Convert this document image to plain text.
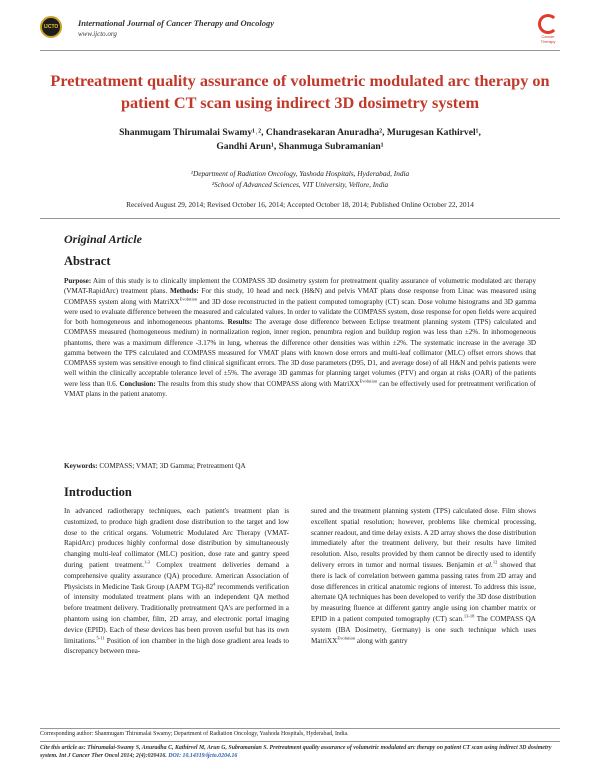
IJCTO International Journal of Cancer Therapy and Oncology
www.ijcto.org	Cancer Therapy
Pretreatment quality assurance of volumetric modulated arc therapy on patient CT scan using indirect 3D dosimetry system
Shanmugam Thirumalai Swamy¹˒², Chandrasekaran Anuradha², Murugesan Kathirvel¹,
Gandhi Arun¹, Shanmuga Subramanian¹
¹Department of Radiation Oncology, Yashoda Hospitals, Hyderabad, India
²School of Advanced Sciences, VIT University, Vellore, India
Received August 29, 2014; Revised October 16, 2014; Accepted October 18, 2014; Published Online October 22, 2014
Original Article
Abstract
Purpose: Aim of this study is to clinically implement the COMPASS 3D dosimetry system for pretreatment quality assurance of volumetric modulated arc therapy (VMAT-RapidArc) treatment plans. Methods: For this study, 10 head and neck (H&N) and pelvis VMAT plans dose response from Linac was measured using COMPASS system along with MatriXX$^{Evolution}$ and 3D dose reconstructed in the patient computed tomography (CT) scan. Dose volume histograms and 3D gamma were used to evaluate difference between the measured and calculated values. In order to validate the COMPASS system, dose response for open fields were acquired for both homogeneous and inhomogeneous phantoms. Results: The average dose difference between Eclipse treatment planning system (TPS) calculated and COMPASS measured (homogeneous medium) in normalization region, inner region, penumbra region and buildup region was less than ±2%. In inhomogeneous phantoms, there was a maximum difference -3.17% in lung, whereas the difference other densities was within ±2%. The systematic increase in the average 3D gamma between the TPS calculated and COMPASS measured for VMAT plans with known dose errors and multi-leaf collimator (MLC) offset errors shows that COMPASS system was sensitive enough to find clinical significant errors. The 3D dose parameters (D95, D1, and average dose) of all H&N and pelvis patients were well within the clinically acceptable tolerance level of ±5%. The average 3D gammas for planning target volumes (PTV) and organ at risks (OAR) of the patients were less than 0.6. Conclusion: The results from this study show that COMPASS along with MatriXX$^{Evolution}$ can be effectively used for pretreatment verification of VMAT plans in the patient anatomy.
Keywords: COMPASS; VMAT; 3D Gamma; Pretreatment QA
Introduction
In advanced radiotherapy techniques, each patient's treatment plan is customized, to produce high gradient dose distribution to the target and low dose to the critical organs. Volumetric Modulated Arc Therapy (VMAT- RapidArc) produces highly conformal dose distribution by simultaneously changing multi-leaf collimator (MLC) position, dose rate and gantry speed during patient treatment.$^{1-3}$ Complex treatment deliveries demand a comprehensive quality assurance (QA) procedure. American Association of Physicists in Medicine Task Group (AAPM $TG)-82^4$ recommends verification of intensity modulated treatment plans with an independent QA method before treatment delivery. Traditionally pretreatment QA's are performed in a phantom using ion chamber, film, 2D array, and electronic portal imaging device (EPID). Each of these devices has been proven useful but has its own limitations.$^{5-11}$ Position of ion chamber in the high dose gradient area leads to discrepancy between mea-
sured and the treatment planning system (TPS) calculated dose. Film shows excellent spatial resolution; however, problems like chemical processing, scanner readout, and time delay exists. A 2D array shows the dose distribution immediately after the treatment delivery, but their results have limited resolution. Also, results provided by them cannot be directly used to identify delivery errors in tumor and normal tissues. Benjamin et al.$^{12}$ showed that there is lack of correlation between gamma passing rates from 2D array and dose differences in critical anatomic regions of interest. To address this issue, alternate QA techniques has been developed to verify the 3D dose distribution by measuring fluence at different gantry angle using ion chamber matrix or EPID in a patient computed tomography (CT) scan.$^{13-18}$ The COMPASS QA system (IBA Dosimetry, Germany) is one such technique which uses MatriXX$^{Evolution}$ along with gantry
Corresponding author: Shanmugam Thirumalai Swamy; Department of Radiation Oncology, Yashoda Hospitals, Hyderabad, India.
Cite this article as: Thirumalai-Swamy S, Anuradha C, Kathirvel M, Arun G, Subramanian S. Pretreatment quality assurance of volumetric modulated arc therapy on patient CT scan using indirect 3D dosimetry system. Int J Cancer Ther Oncol 2014; 2(4):020416. DOI: 10.14319/ijcto.0204.16
